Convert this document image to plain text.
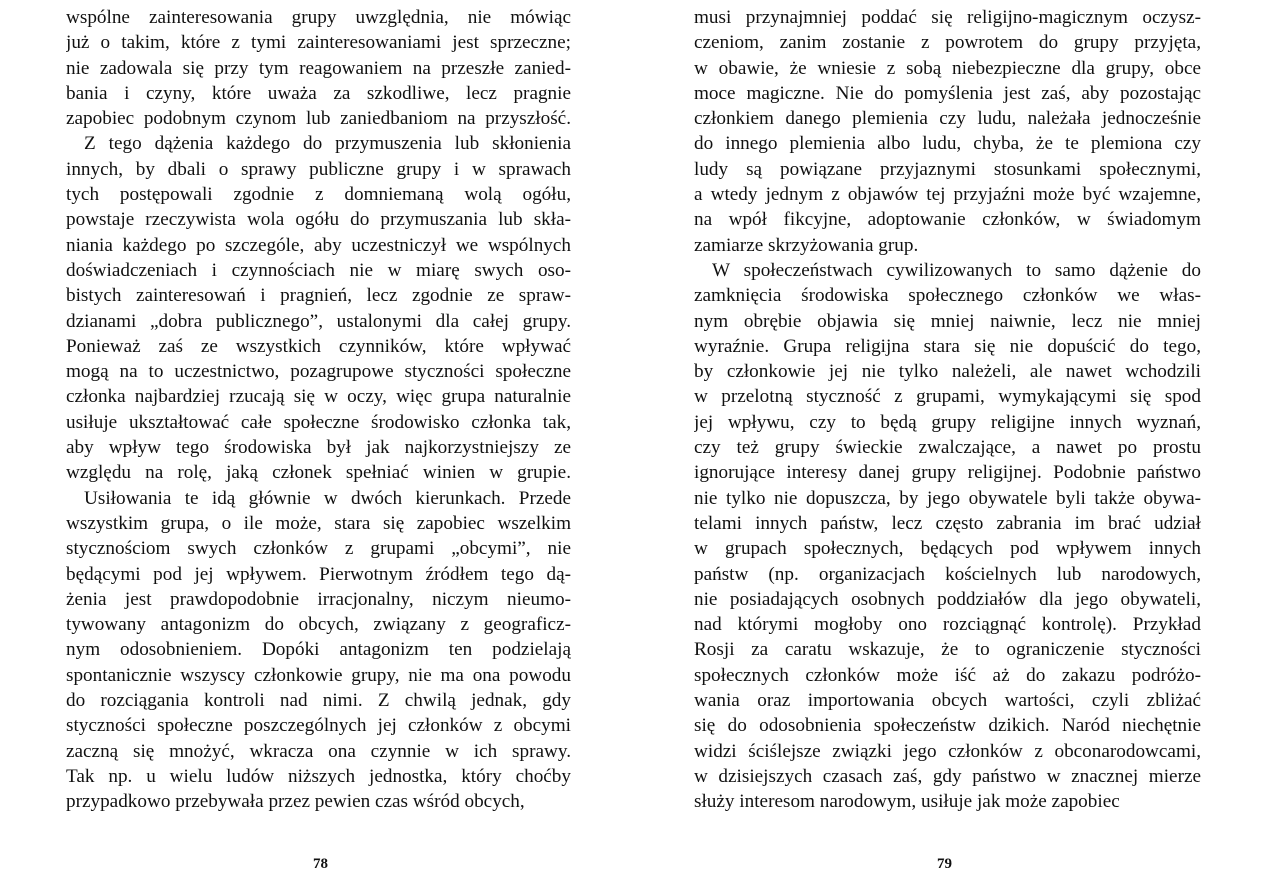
wspólne zainteresowania grupy uwzględnia, nie mówiąc
już o takim, które z tymi zainteresowaniami jest sprzeczne;
nie zadowala się przy tym reagowaniem na przeszłe zanied-
bania i czyny, które uważa za szkodliwe, lecz pragnie
zapobiec podobnym czynom lub zaniedbaniom na przyszłość.
Z tego dążenia każdego do przymuszenia lub skłonienia
innych, by dbali o sprawy publiczne grupy i w sprawach
tych postępowali zgodnie z domniemaną wolą ogółu,
powstaje rzeczywista wola ogółu do przymuszania lub skła-
niania każdego po szczególe, aby uczestniczył we wspólnych
doświadczeniach i czynnościach nie w miarę swych oso-
bistych zainteresowań i pragnień, lecz zgodnie ze spraw-
dzianami „dobra publicznego”, ustalonymi dla całej grupy.
Ponieważ zaś ze wszystkich czynników, które wpływać
mogą na to uczestnictwo, pozagrupowe styczności społeczne
członka najbardziej rzucają się w oczy, więc grupa naturalnie
usiłuje ukształtować całe społeczne środowisko członka tak,
aby wpływ tego środowiska był jak najkorzystniejszy ze
względu na rolę, jaką członek spełniać winien w grupie.
Usiłowania te idą głównie w dwóch kierunkach. Przede
wszystkim grupa, o ile może, stara się zapobiec wszelkim
stycznościom swych członków z grupami „obcymi”, nie
będącymi pod jej wpływem. Pierwotnym źródłem tego dą-
żenia jest prawdopodobnie irracjonalny, niczym nieumo-
tywowany antagonizm do obcych, związany z geograficz-
nym odosobnieniem. Dopóki antagonizm ten podzielają
spontanicznie wszyscy członkowie grupy, nie ma ona powodu
do rozciągania kontroli nad nimi. Z chwilą jednak, gdy
styczności społeczne poszczególnych jej członków z obcymi
zaczną się mnożyć, wkracza ona czynnie w ich sprawy.
Tak np. u wielu ludów niższych jednostka, który choćby
przypadkowo przebywała przez pewien czas wśród obcych,
78
musi przynajmniej poddać się religijno-magicznym oczysz-
czeniom, zanim zostanie z powrotem do grupy przyjęta,
w obawie, że wniesie z sobą niebezpieczne dla grupy, obce
moce magiczne. Nie do pomyślenia jest zaś, aby pozostając
członkiem danego plemienia czy ludu, należała jednocześnie
do innego plemienia albo ludu, chyba, że te plemiona czy
ludy są powiązane przyjaznymi stosunkami społecznymi,
a wtedy jednym z objawów tej przyjaźni może być wzajemne,
na wpół fikcyjne, adoptowanie członków, w świadomym
zamiarze skrzyżowania grup.
W społeczeństwach cywilizowanych to samo dążenie do
zamknięcia środowiska społecznego członków we włas-
nym obrębie objawia się mniej naiwnie, lecz nie mniej
wyraźnie. Grupa religijna stara się nie dopuścić do tego,
by członkowie jej nie tylko należeli, ale nawet wchodzili
w przelotną styczność z grupami, wymykającymi się spod
jej wpływu, czy to będą grupy religijne innych wyznań,
czy też grupy świeckie zwalczające, a nawet po prostu
ignorujące interesy danej grupy religijnej. Podobnie państwo
nie tylko nie dopuszcza, by jego obywatele byli także obywa-
telami innych państw, lecz często zabrania im brać udział
w grupach społecznych, będących pod wpływem innych
państw (np. organizacjach kościelnych lub narodowych,
nie posiadających osobnych poddziałów dla jego obywateli,
nad którymi mogłoby ono rozciągnąć kontrolę). Przykład
Rosji za caratu wskazuje, że to ograniczenie styczności
społecznych członków może iść aż do zakazu podróżo-
wania oraz importowania obcych wartości, czyli zbliżać
się do odosobnienia społeczeństw dzikich. Naród niechętnie
widzi ściślejsze związki jego członków z obconarodowcami,
w dzisiejszych czasach zaś, gdy państwo w znacznej mierze
służy interesom narodowym, usiłuje jak może zapobiec
79
